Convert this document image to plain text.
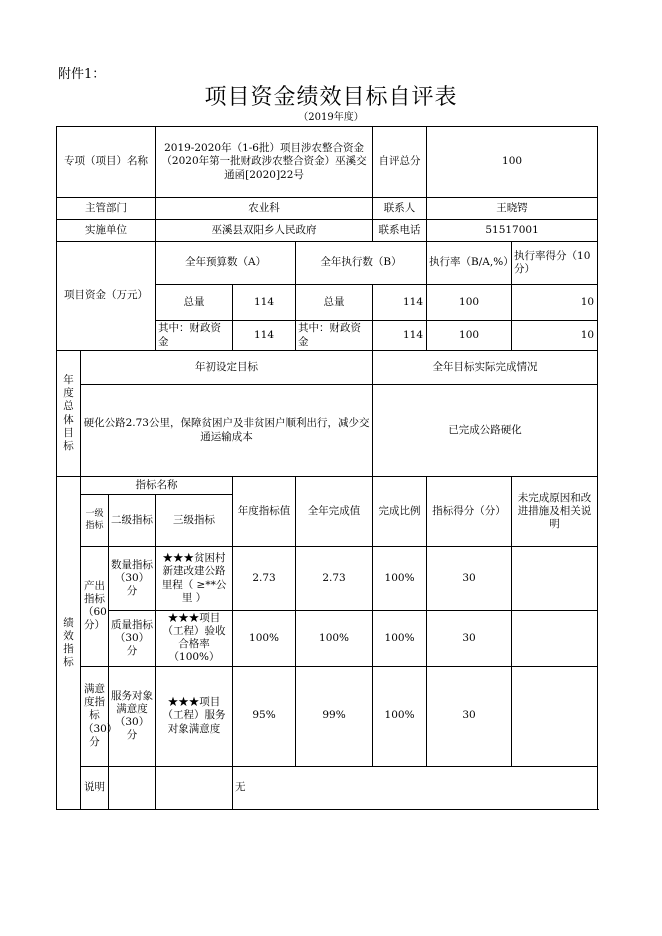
附件1：
项目资金绩效目标自评表
（2019年度）
专项（项目）名称			2019-2020年（1-6批）项目涉农整合资金（2020年第一批财政涉农整合资金）巫溪交通函[2020]22号			自评总分	100	
主管部门			农业科			联系人	王晓锷	
实施单位			巫溪县双阳乡人民政府			联系电话	51517001	
项目资金（万元）			全年预算数（A）		全年执行数（B）		执行率（B/A,%）	执行率得分（10分）
			总量	114	总量	114	100	10
			其中：财政资金	114	其中：财政资金	114	100	10
年度总体目标	年初设定目标					全年目标实际完成情况		
	硬化公路2.73公里，保障贫困户及非贫困户顺利出行，减少交通运输成本					已完成公路硬化		
绩效指标	指标名称			年度指标值	全年完成值	完成比例	指标得分（分）	未完成原因和改进措施及相关说明
	一级指标	二级指标	三级指标					
	产出指标（60分）	数量指标（30）分	★★★贫困村新建改建公路里程（ ≥**公里 ）	2.73	2.73	100%	30	
		质量指标（30）分	★★★项目（工程）验收合格率 （100%）	100%	100%	100%	30	
	满意度指标（30）分	服务对象满意度（30）分	★★★项目（工程）服务对象满意度	95%	99%	100%	30	
	说明			无				
